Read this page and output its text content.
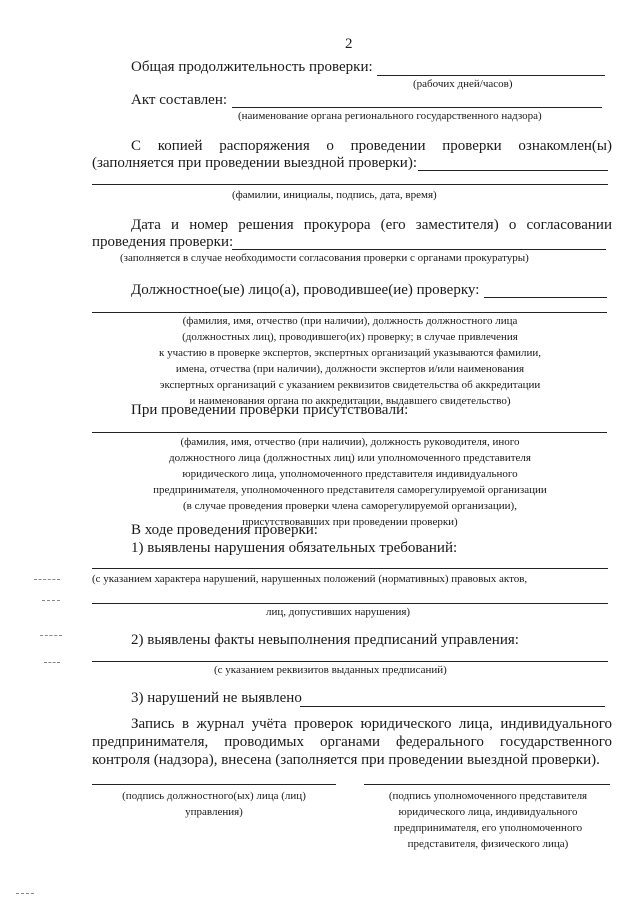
2
Общая продолжительность проверки:
(рабочих дней/часов)
Акт составлен:
(наименование органа регионального государственного надзора)
С копией распоряжения о проведении проверки ознакомлен(ы)
(заполняется при проведении выездной проверки):
(фамилии, инициалы, подпись, дата, время)
Дата и номер решения прокурора (его заместителя) о согласовании
проведения проверки:
(заполняется в случае необходимости согласования проверки с органами прокуратуры)
Должностное(ые) лицо(а), проводившее(ие) проверку:
(фамилия, имя, отчество (при наличии), должность должностного лица
(должностных лиц), проводившего(их) проверку; в случае привлечения
к участию в проверке экспертов, экспертных организаций указываются фамилии,
имена, отчества (при наличии), должности экспертов и/или наименования
экспертных организаций с указанием реквизитов свидетельства об аккредитации
и наименования органа по аккредитации, выдавшего свидетельство)
При проведении проверки присутствовали:
(фамилия, имя, отчество (при наличии), должность руководителя, иного
должностного лица (должностных лиц) или уполномоченного представителя
юридического лица, уполномоченного представителя индивидуального
предпринимателя, уполномоченного представителя саморегулируемой организации
(в случае проведения проверки члена саморегулируемой организации),
присутствовавших при проведении проверки)
В ходе проведения проверки:
1) выявлены нарушения обязательных требований:
(с указанием характера нарушений, нарушенных положений (нормативных) правовых актов,
лиц, допустивших нарушения)
2) выявлены факты невыполнения предписаний управления:
(с указанием реквизитов выданных предписаний)
3) нарушений не выявлено
Запись в журнал учёта проверок юридического лица, индивидуального
предпринимателя, проводимых органами федерального государственного
контроля (надзора), внесена (заполняется при проведении выездной проверки).
(подпись должностного(ых) лица (лиц)
управления)
(подпись уполномоченного представителя
юридического лица, индивидуального
предпринимателя, его уполномоченного
представителя, физического лица)
